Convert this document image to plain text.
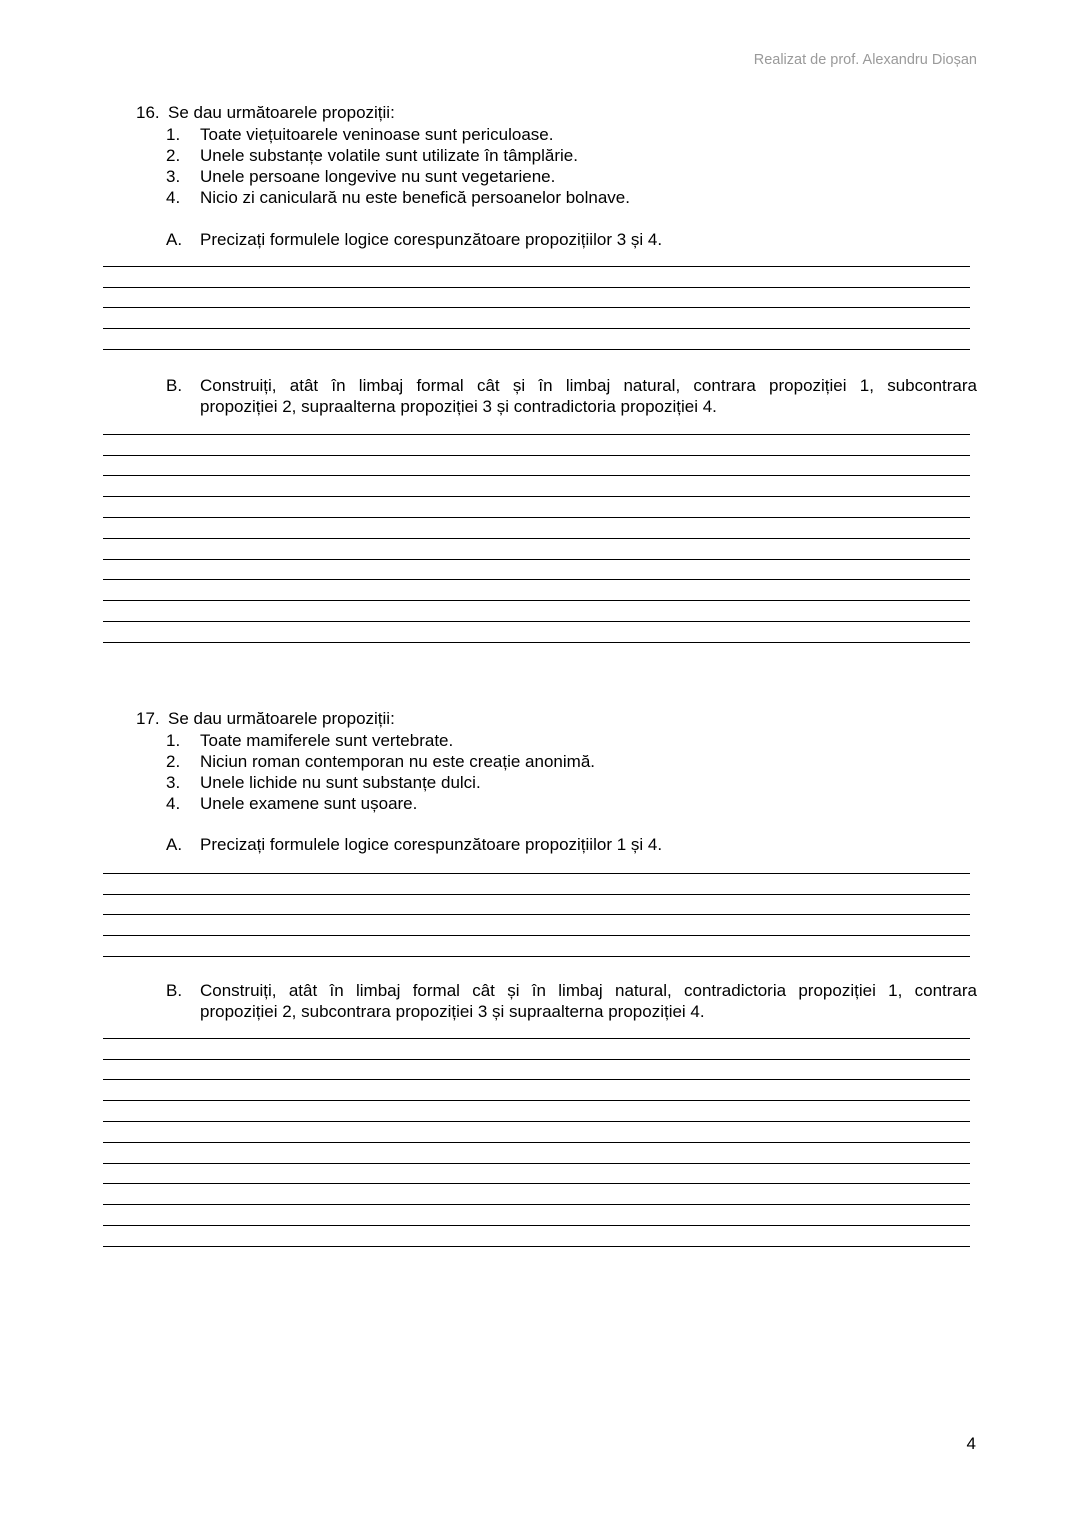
Realizat de prof. Alexandru Dioșan
16. Se dau următoarele propoziții:
1. Toate viețuitoarele veninoase sunt periculoase.
2. Unele substanțe volatile sunt utilizate în tâmplărie.
3. Unele persoane longevive nu sunt vegetariene.
4. Nicio zi caniculară nu este benefică persoanelor bolnave.
A. Precizați formulele logice corespunzătoare propozițiilor 3 și 4.
B. Construiți, atât în limbaj formal cât și în limbaj natural, contrara propoziției 1, subcontrara
propoziției 2, supraalterna propoziției 3 și contradictoria propoziției 4.
17. Se dau următoarele propoziții:
1. Toate mamiferele sunt vertebrate.
2. Niciun roman contemporan nu este creație anonimă.
3. Unele lichide nu sunt substanțe dulci.
4. Unele examene sunt ușoare.
A. Precizați formulele logice corespunzătoare propozițiilor 1 și 4.
B. Construiți, atât în limbaj formal cât și în limbaj natural, contradictoria propoziției 1, contrara
propoziției 2, subcontrara propoziției 3 și supraalterna propoziției 4.
4
